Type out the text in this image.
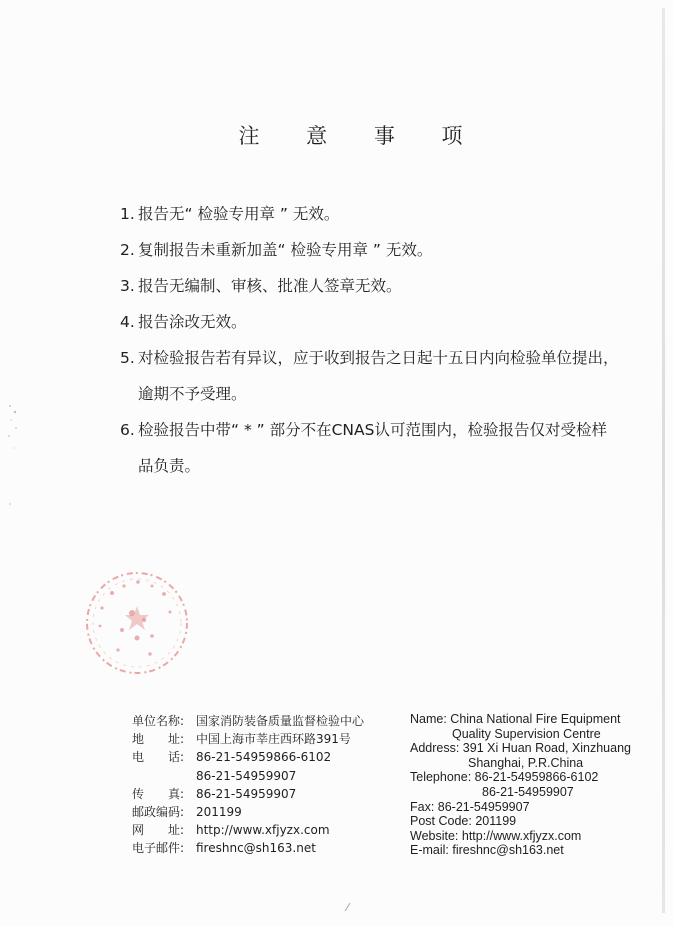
注 意 事 项
1. 报告无“ 检验专用章 ” 无效。
2. 复制报告未重新加盖“ 检验专用章 ” 无效。
3. 报告无编制、审核、批准人签章无效。
4. 报告涂改无效。
5. 对检验报告若有异议，应于收到报告之日起十五日内向检验单位提出，逾期不予受理。
6. 检验报告中带“ * ” 部分不在CNAS认可范围内，检验报告仅对受检样品负责。
单位名称: 国家消防装备质量监督检验中心
地　　址: 中国上海市莘庄西环路391号
电　　话: 86-21-54959866-6102
86-21-54959907
传　　真: 86-21-54959907
邮政编码: 201199
网　　址: http://www.xfjyzx.com
电子邮件: fireshnc@sh163.net
Name: China National Fire Equipment
Quality Supervision Centre
Address: 391 Xi Huan Road, Xinzhuang
Shanghai, P.R.China
Telephone: 86-21-54959866-6102
86-21-54959907
Fax: 86-21-54959907
Post Code: 201199
Website: http://www.xfjyzx.com
E-mail: fireshnc@sh163.net
